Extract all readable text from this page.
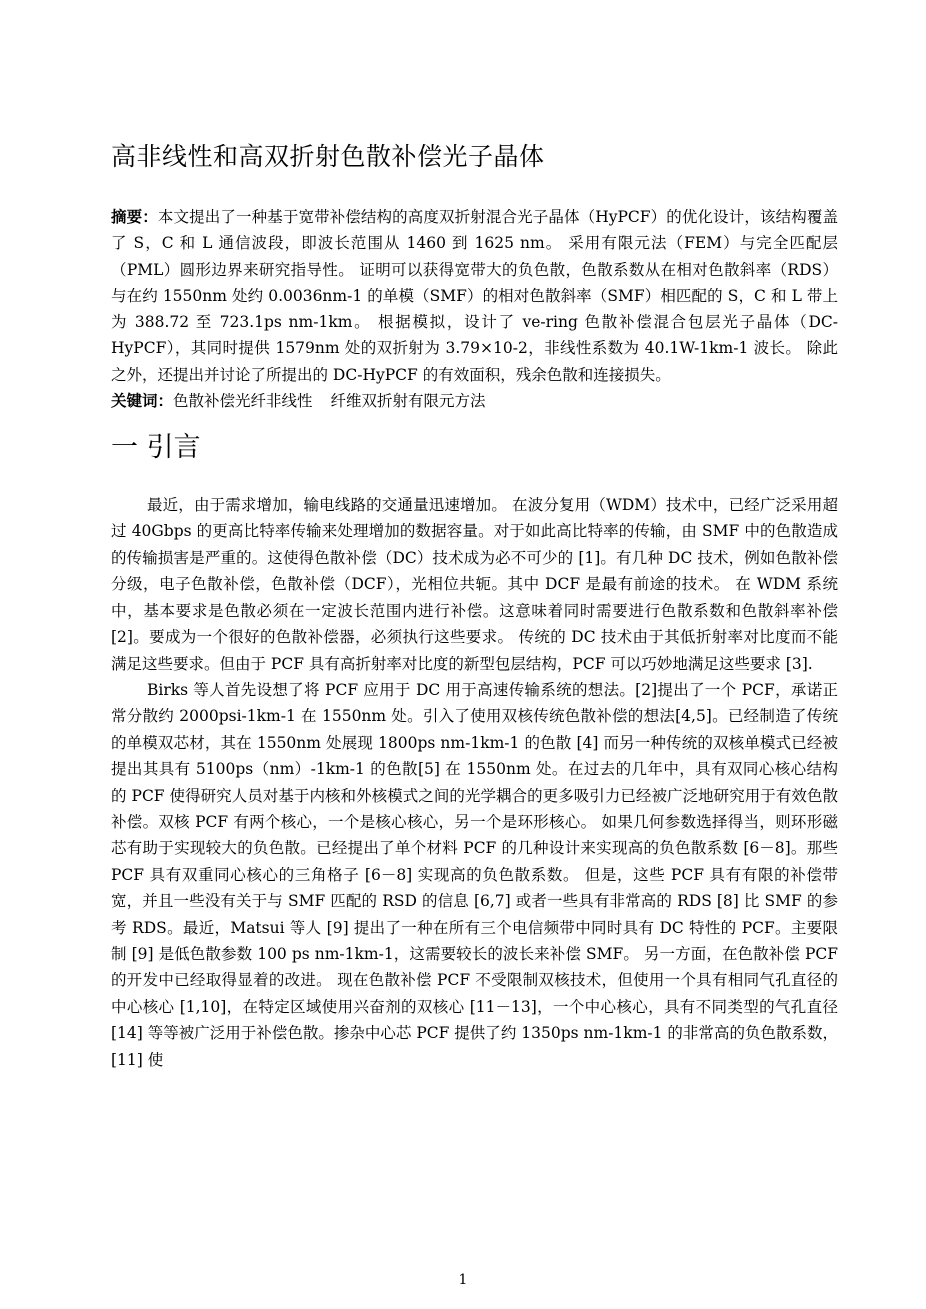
高非线性和高双折射色散补偿光子晶体

摘要：本文提出了一种基于宽带补偿结构的高度双折射混合光子晶体（HyPCF）的优化设计，该结构覆盖了 S，C 和 L 通信波段，即波长范围从 1460 到 1625 nm。 采用有限元法（FEM）与完全匹配层（PML）圆形边界来研究指导性。 证明可以获得宽带大的负色散，色散系数从在相对色散斜率（RDS）与在约 1550nm 处约 0.0036nm-1 的单模（SMF）的相对色散斜率（SMF）相匹配的 S，C 和 L 带上为 388.72 至 723.1ps nm-1km。 根据模拟，设计了 ve-ring 色散补偿混合包层光子晶体（DC-HyPCF），其同时提供 1579nm 处的双折射为 3.79×10-2，非线性系数为 40.1W-1km-1 波长。 除此之外，还提出并讨论了所提出的 DC-HyPCF 的有效面积，残余色散和连接损失。

关键词：色散补偿光纤非线性 纤维双折射有限元方法

一 引言

最近，由于需求增加，输电线路的交通量迅速增加。 在波分复用（WDM）技术中，已经广泛采用超过 40Gbps 的更高比特率传输来处理增加的数据容量。对于如此高比特率的传输，由 SMF 中的色散造成的传输损害是严重的。这使得色散补偿（DC）技术成为必不可少的 [1]。有几种 DC 技术，例如色散补偿分级，电子色散补偿，色散补偿（DCF），光相位共轭。其中 DCF 是最有前途的技术。 在 WDM 系统中，基本要求是色散必须在一定波长范围内进行补偿。这意味着同时需要进行色散系数和色散斜率补偿 [2]。要成为一个很好的色散补偿器，必须执行这些要求。 传统的 DC 技术由于其低折射率对比度而不能满足这些要求。但由于 PCF 具有高折射率对比度的新型包层结构，PCF 可以巧妙地满足这些要求 [3].

Birks 等人首先设想了将 PCF 应用于 DC 用于高速传输系统的想法。[2]提出了一个 PCF，承诺正常分散约 2000psi-1km-1 在 1550nm 处。引入了使用双核传统色散补偿的想法[4,5]。已经制造了传统的单模双芯材，其在 1550nm 处展现 1800ps nm-1km-1 的色散 [4] 而另一种传统的双核单模式已经被提出其具有 5100ps（nm）-1km-1 的色散[5] 在 1550nm 处。在过去的几年中，具有双同心核心结构的 PCF 使得研究人员对基于内核和外核模式之间的光学耦合的更多吸引力已经被广泛地研究用于有效色散补偿。双核 PCF 有两个核心，一个是核心核心，另一个是环形核心。 如果几何参数选择得当，则环形磁芯有助于实现较大的负色散。已经提出了单个材料 PCF 的几种设计来实现高的负色散系数 [6－8]。那些 PCF 具有双重同心核心的三角格子 [6－8] 实现高的负色散系数。 但是，这些 PCF 具有有限的补偿带宽，并且一些没有关于与 SMF 匹配的 RSD 的信息 [6,7] 或者一些具有非常高的 RDS [8] 比 SMF 的参考 RDS。最近，Matsui 等人 [9] 提出了一种在所有三个电信频带中同时具有 DC 特性的 PCF。主要限制 [9] 是低色散参数 100 ps nm-1km-1，这需要较长的波长来补偿 SMF。 另一方面，在色散补偿 PCF 的开发中已经取得显着的改进。 现在色散补偿 PCF 不受限制双核技术，但使用一个具有相同气孔直径的中心核心 [1,10]，在特定区域使用兴奋剂的双核心 [11－13]，一个中心核心，具有不同类型的气孔直径[14] 等等被广泛用于补偿色散。掺杂中心芯 PCF 提供了约 1350ps nm-1km-1 的非常高的负色散系数，[11] 使

1
